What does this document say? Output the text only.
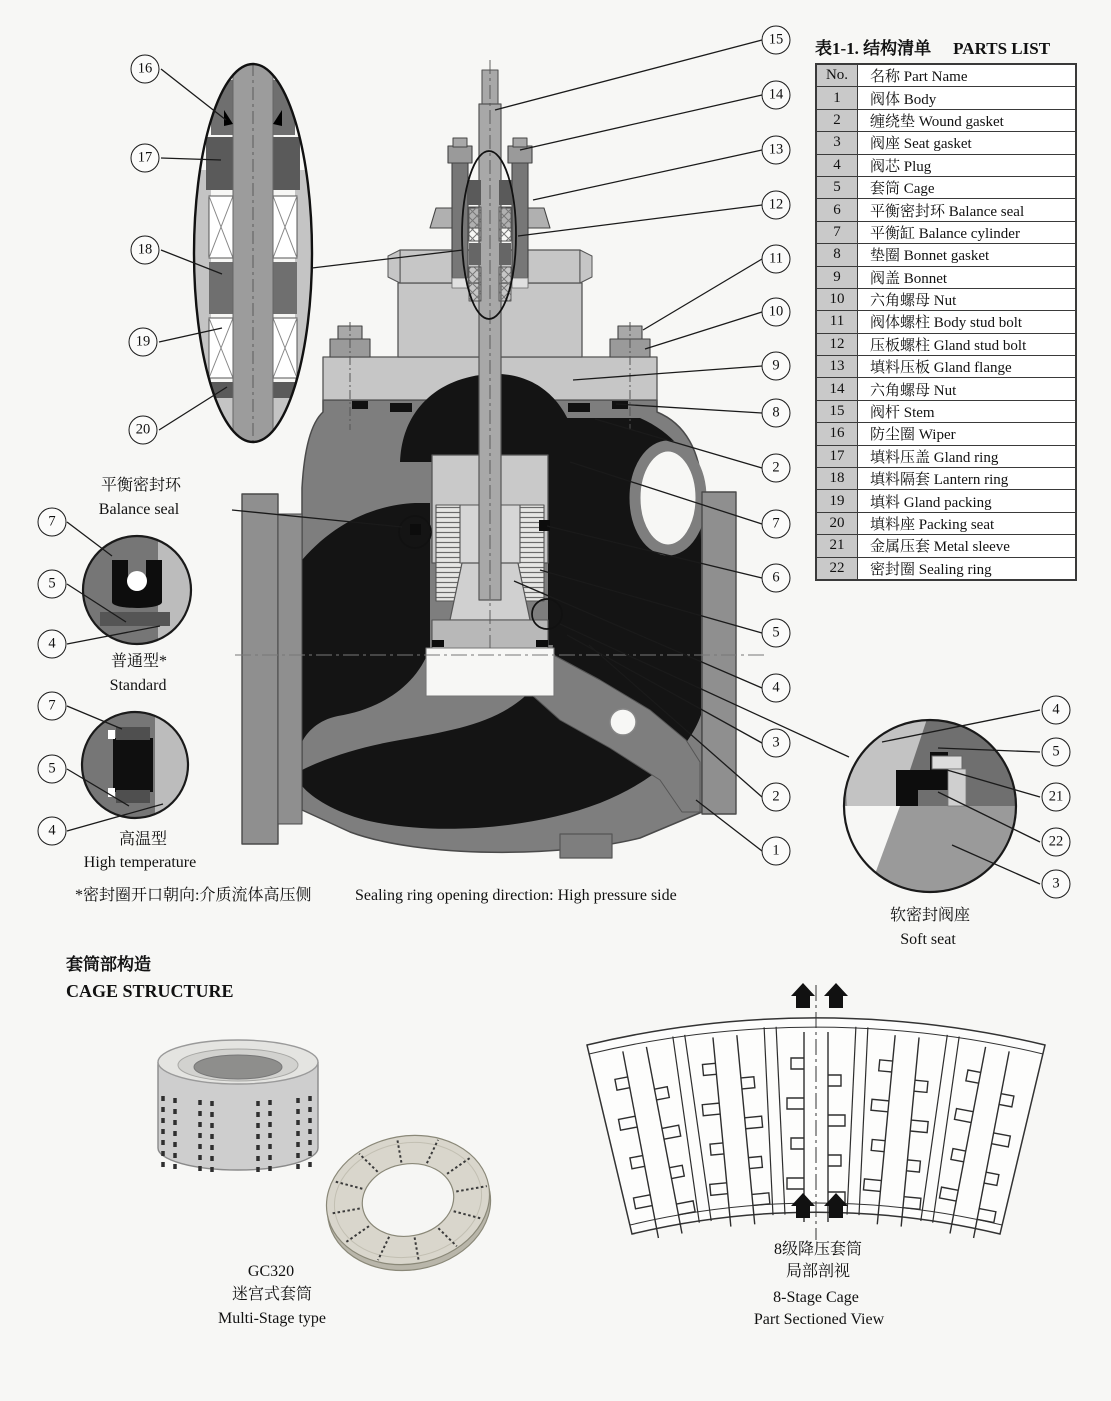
表1-1. 结构清单 PARTS LIST
No.	名称 Part Name
1	阀体 Body
2	缠绕垫 Wound gasket
3	阀座 Seat gasket
4	阀芯 Plug
5	套筒 Cage
6	平衡密封环 Balance seal
7	平衡缸 Balance cylinder
8	垫圈 Bonnet gasket
9	阀盖 Bonnet
10	六角螺母 Nut
11	阀体螺柱 Body stud bolt
12	压板螺柱 Gland stud bolt
13	填料压板 Gland flange
14	六角螺母 Nut
15	阀杆 Stem
16	防尘圈 Wiper
17	填料压盖 Gland ring
18	填料隔套 Lantern ring
19	填料 Gland packing
20	填料座 Packing seat
21	金属压套 Metal sleeve
22	密封圈 Sealing ring
15
14
13
12
11
10
9
8
2
7
6
5
4
3
2
1
16
17
18
19
20
7
5
4
7
5
4
4
5
21
22
3
平衡密封环
Balance seal
普通型*
Standard
高温型
High temperature
*密封圈开口朝向:介质流体高压侧	Sealing ring opening direction: High pressure side
套筒部构造
CAGE STRUCTURE
GC320
迷宫式套筒
Multi-Stage type
软密封阀座
Soft seat
8级降压套筒
局部剖视
8-Stage Cage
Part Sectioned View
